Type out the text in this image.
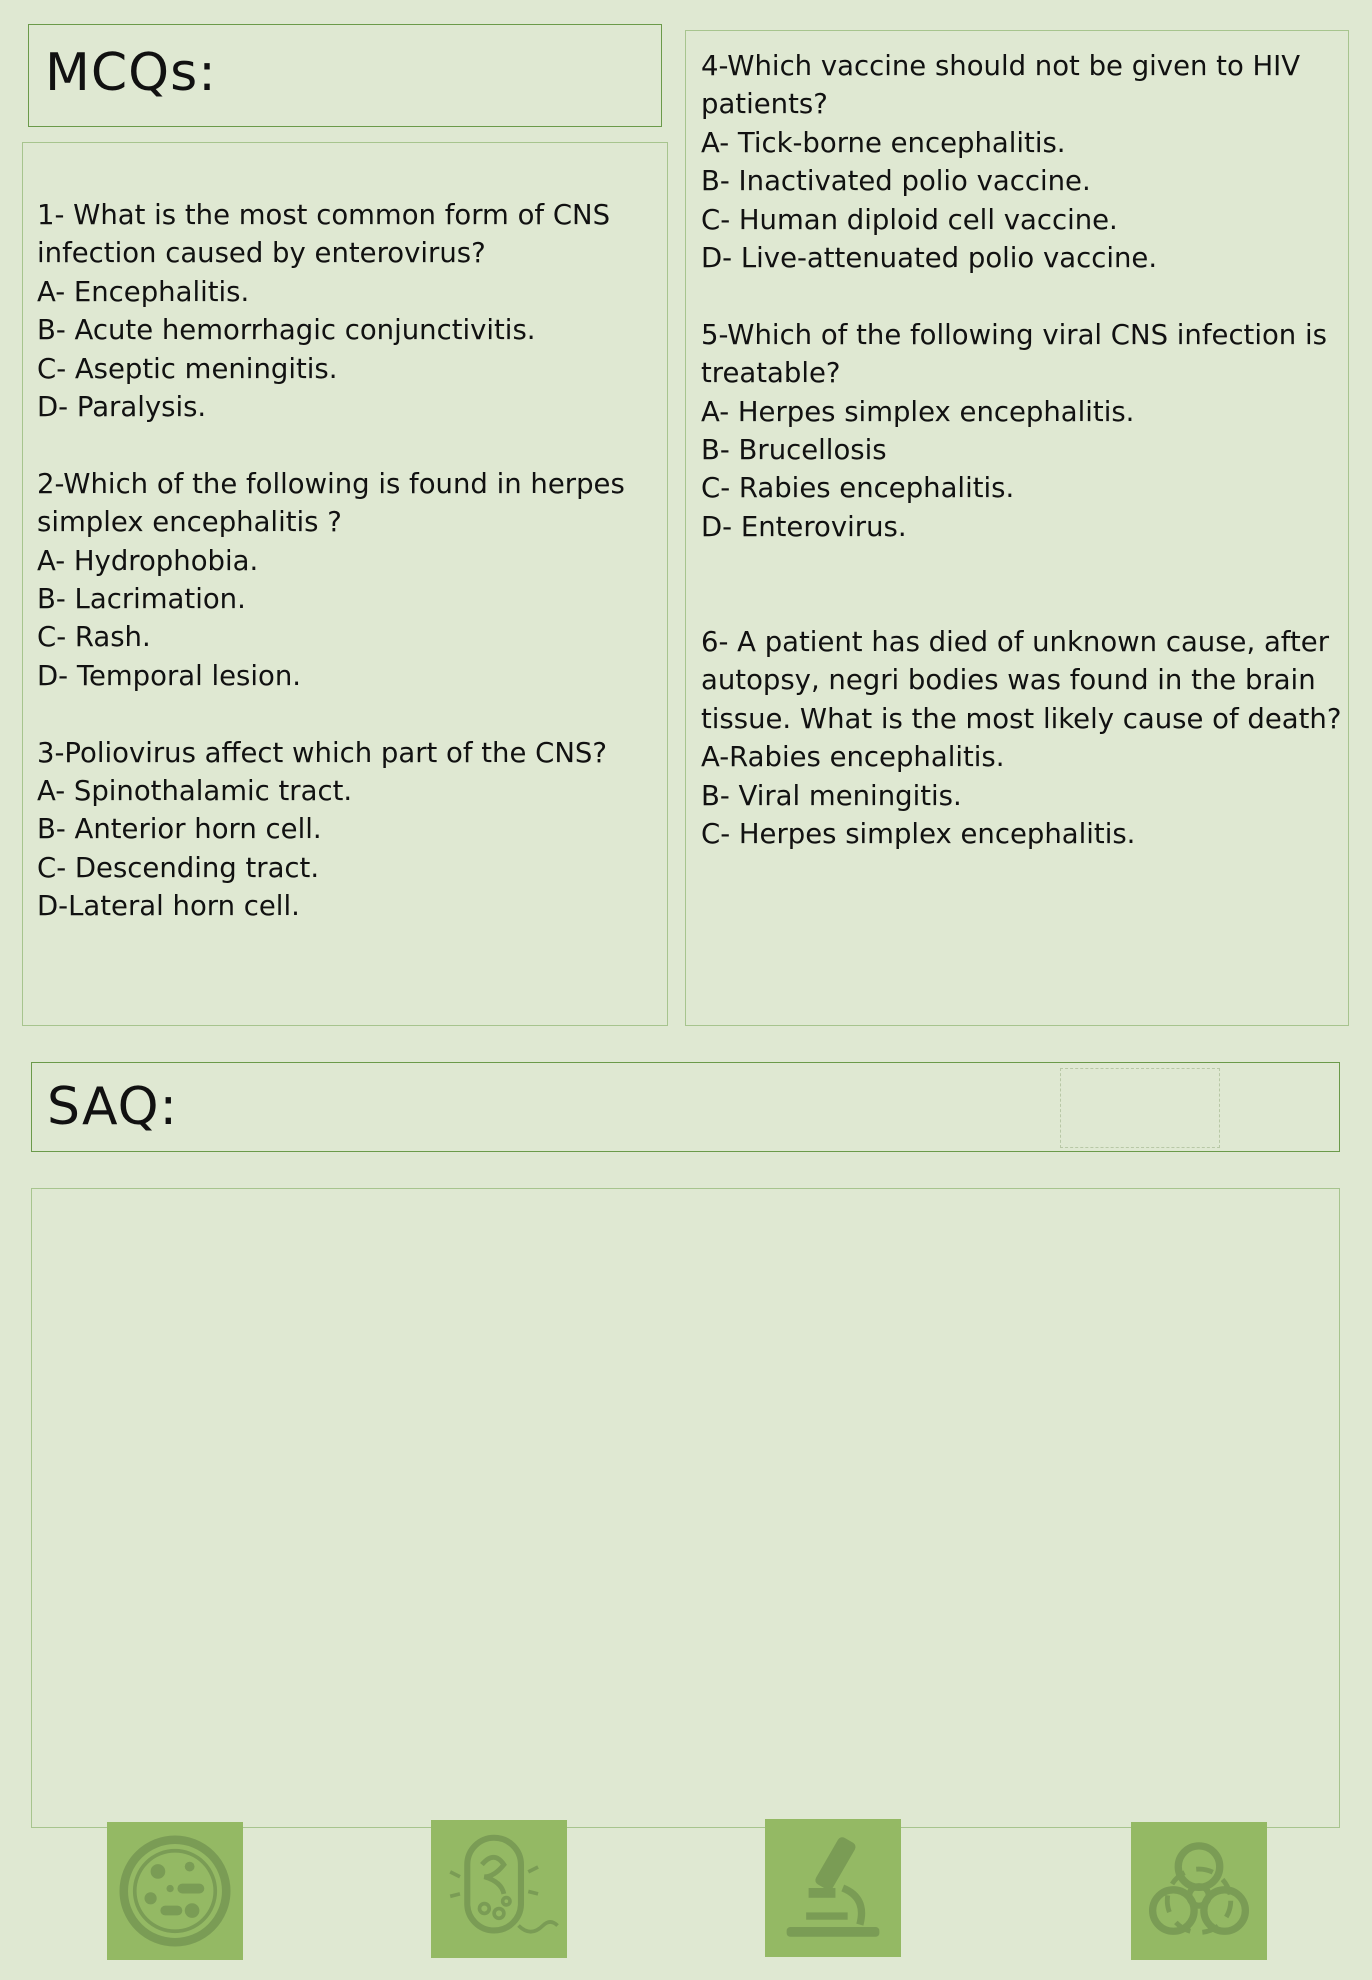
MCQs:
1- What is the most common form of CNS
infection caused by enterovirus?
A- Encephalitis.
B- Acute hemorrhagic conjunctivitis.
C- Aseptic meningitis.
D- Paralysis.
2-Which of the following is found in herpes
simplex encephalitis ?
A- Hydrophobia.
B- Lacrimation.
C- Rash.
D- Temporal lesion.
3-Poliovirus affect which part of the CNS?
A- Spinothalamic tract.
B- Anterior horn cell.
C- Descending tract.
D-Lateral horn cell.
4-Which vaccine should not be given to HIV
patients?
A- Tick-borne encephalitis.
B- Inactivated polio vaccine.
C- Human diploid cell vaccine.
D- Live-attenuated polio vaccine.
5-Which of the following viral CNS infection is
treatable?
A- Herpes simplex encephalitis.
B- Brucellosis
C- Rabies encephalitis.
D- Enterovirus.
6- A patient has died of unknown cause, after
autopsy, negri bodies was found in the brain
tissue. What is the most likely cause of death?
A-Rabies encephalitis.
B- Viral meningitis.
C- Herpes simplex encephalitis.
SAQ:
